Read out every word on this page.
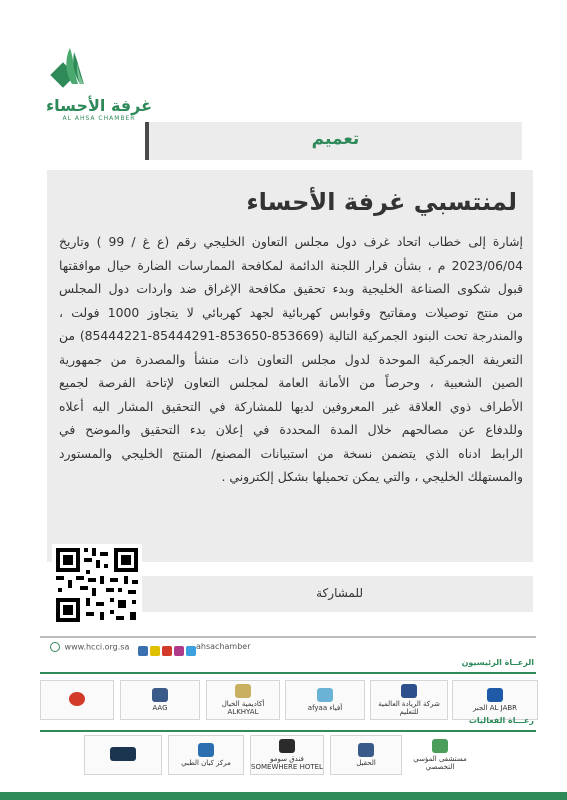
غرفة الأحساء
AL AHSA CHAMBER
تعميم
لمنتسبي غرفة الأحساء
إشارة إلى خطاب اتحاد غرف دول مجلس التعاون الخليجي رقم (ع غ / 99 ) وتاريخ
2023/06/04 م ، بشأن قرار اللجنة الدائمة لمكافحة الممارسات الضارة حيال موافقتها
قبول شكوى الصناعة الخليجية وبدء تحقيق مكافحة الإغراق ضد واردات دول المجلس
من منتج توصيلات ومفاتيح وقوابس كهربائية لجهد كهربائي لا يتجاوز 1000 فولت ،
والمندرجة تحت البنود الجمركية التالية (853669-853650-85444291-85444221) من
التعريفة الجمركية الموحدة لدول مجلس التعاون ذات منشأ والمصدرة من جمهورية
الصين الشعبية ، وحرصاً من الأمانة العامة لمجلس التعاون لإتاحة الفرصة لجميع
الأطراف ذوي العلاقة غير المعروفين لديها للمشاركة في التحقيق المشار اليه أعلاه
وللدفاع عن مصالحهم خلال المدة المحددة في إعلان بدء التحقيق والموضح في
الرابط ادناه الذي يتضمن نسخة من استبيانات المصنع/ المنتج الخليجي والمستورد
والمستهلك الخليجي ، والتي يمكن تحميلها بشكل إلكتروني .
للمشاركة
www.hcci.org.sa	ahsachamber
الرعــاة الرئيسيون
AL JABR الجبر
شركة الريادة العالمية للتعليم
أفياء afyaa
أكاديمية الخيال ALKHYAL
AAG
رعـــاة الفعاليات
مستشفى المؤسي التخصصي
الحقيل
فندق سومو SOMEWHERE HOTEL
مركز كيان الطبي
